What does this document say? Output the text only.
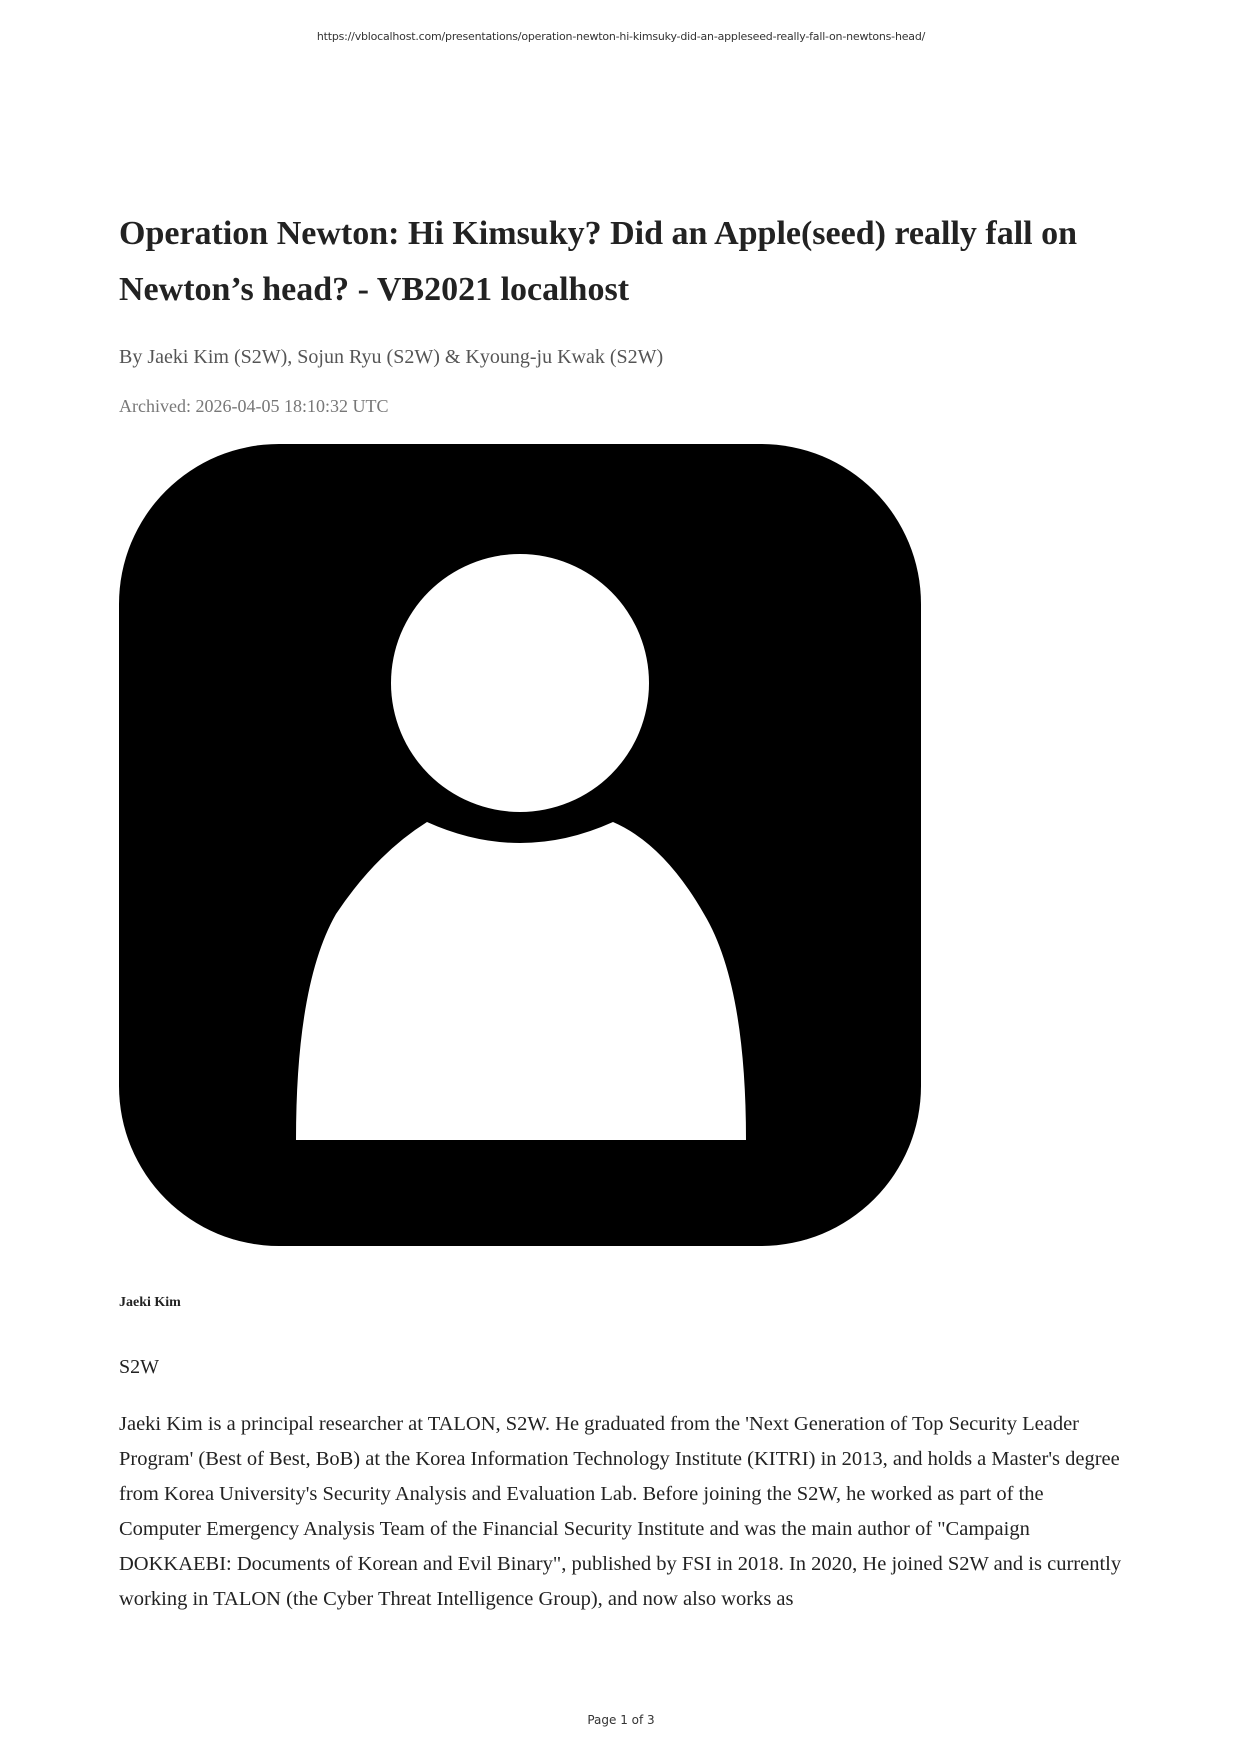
https://vblocalhost.com/presentations/operation-newton-hi-kimsuky-did-an-appleseed-really-fall-on-newtons-head/
Operation Newton: Hi Kimsuky? Did an Apple(seed) really fall on Newton’s head? - VB2021 localhost
By Jaeki Kim (S2W), Sojun Ryu (S2W) & Kyoung-ju Kwak (S2W)
Archived: 2026-04-05 18:10:32 UTC
Jaeki Kim
S2W

Jaeki Kim is a principal researcher at TALON, S2W. He graduated from the 'Next Generation of Top Security Leader Program' (Best of Best, BoB) at the Korea Information Technology Institute (KITRI) in 2013, and holds a Master's degree from Korea University's Security Analysis and Evaluation Lab. Before joining the S2W, he worked as part of the Computer Emergency Analysis Team of the Financial Security Institute and was the main author of "Campaign DOKKAEBI: Documents of Korean and Evil Binary", published by FSI in 2018. In 2020, He joined S2W and is currently working in TALON (the Cyber Threat Intelligence Group), and now also works as

Page 1 of 3
